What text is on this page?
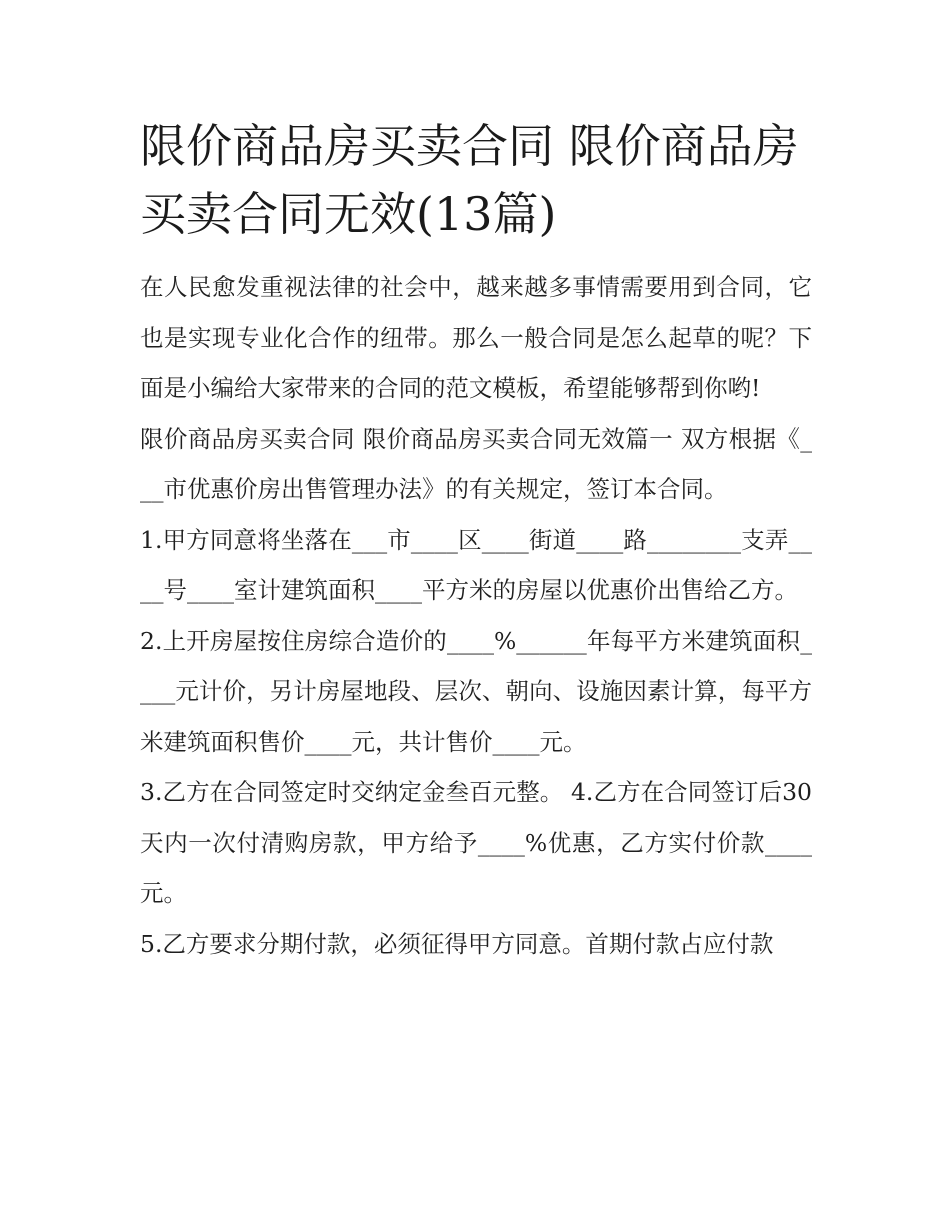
限价商品房买卖合同 限价商品房买卖合同无效(13篇)

在人民愈发重视法律的社会中，越来越多事情需要用到合同，它也是实现专业化合作的纽带。那么一般合同是怎么起草的呢？下面是小编给大家带来的合同的范文模板，希望能够帮到你哟!

限价商品房买卖合同 限价商品房买卖合同无效篇一 双方根据《___市优惠价房出售管理办法》的有关规定，签订本合同。

1.甲方同意将坐落在___市____区____街道____路________支弄____号____室计建筑面积____平方米的房屋以优惠价出售给乙方。

2.上开房屋按住房综合造价的____%______年每平方米建筑面积____元计价，另计房屋地段、层次、朝向、设施因素计算，每平方米建筑面积售价____元，共计售价____元。

3.乙方在合同签定时交纳定金叁百元整。 4.乙方在合同签订后30天内一次付清购房款，甲方给予____%优惠，乙方实付价款____元。

5.乙方要求分期付款，必须征得甲方同意。首期付款占应付款
